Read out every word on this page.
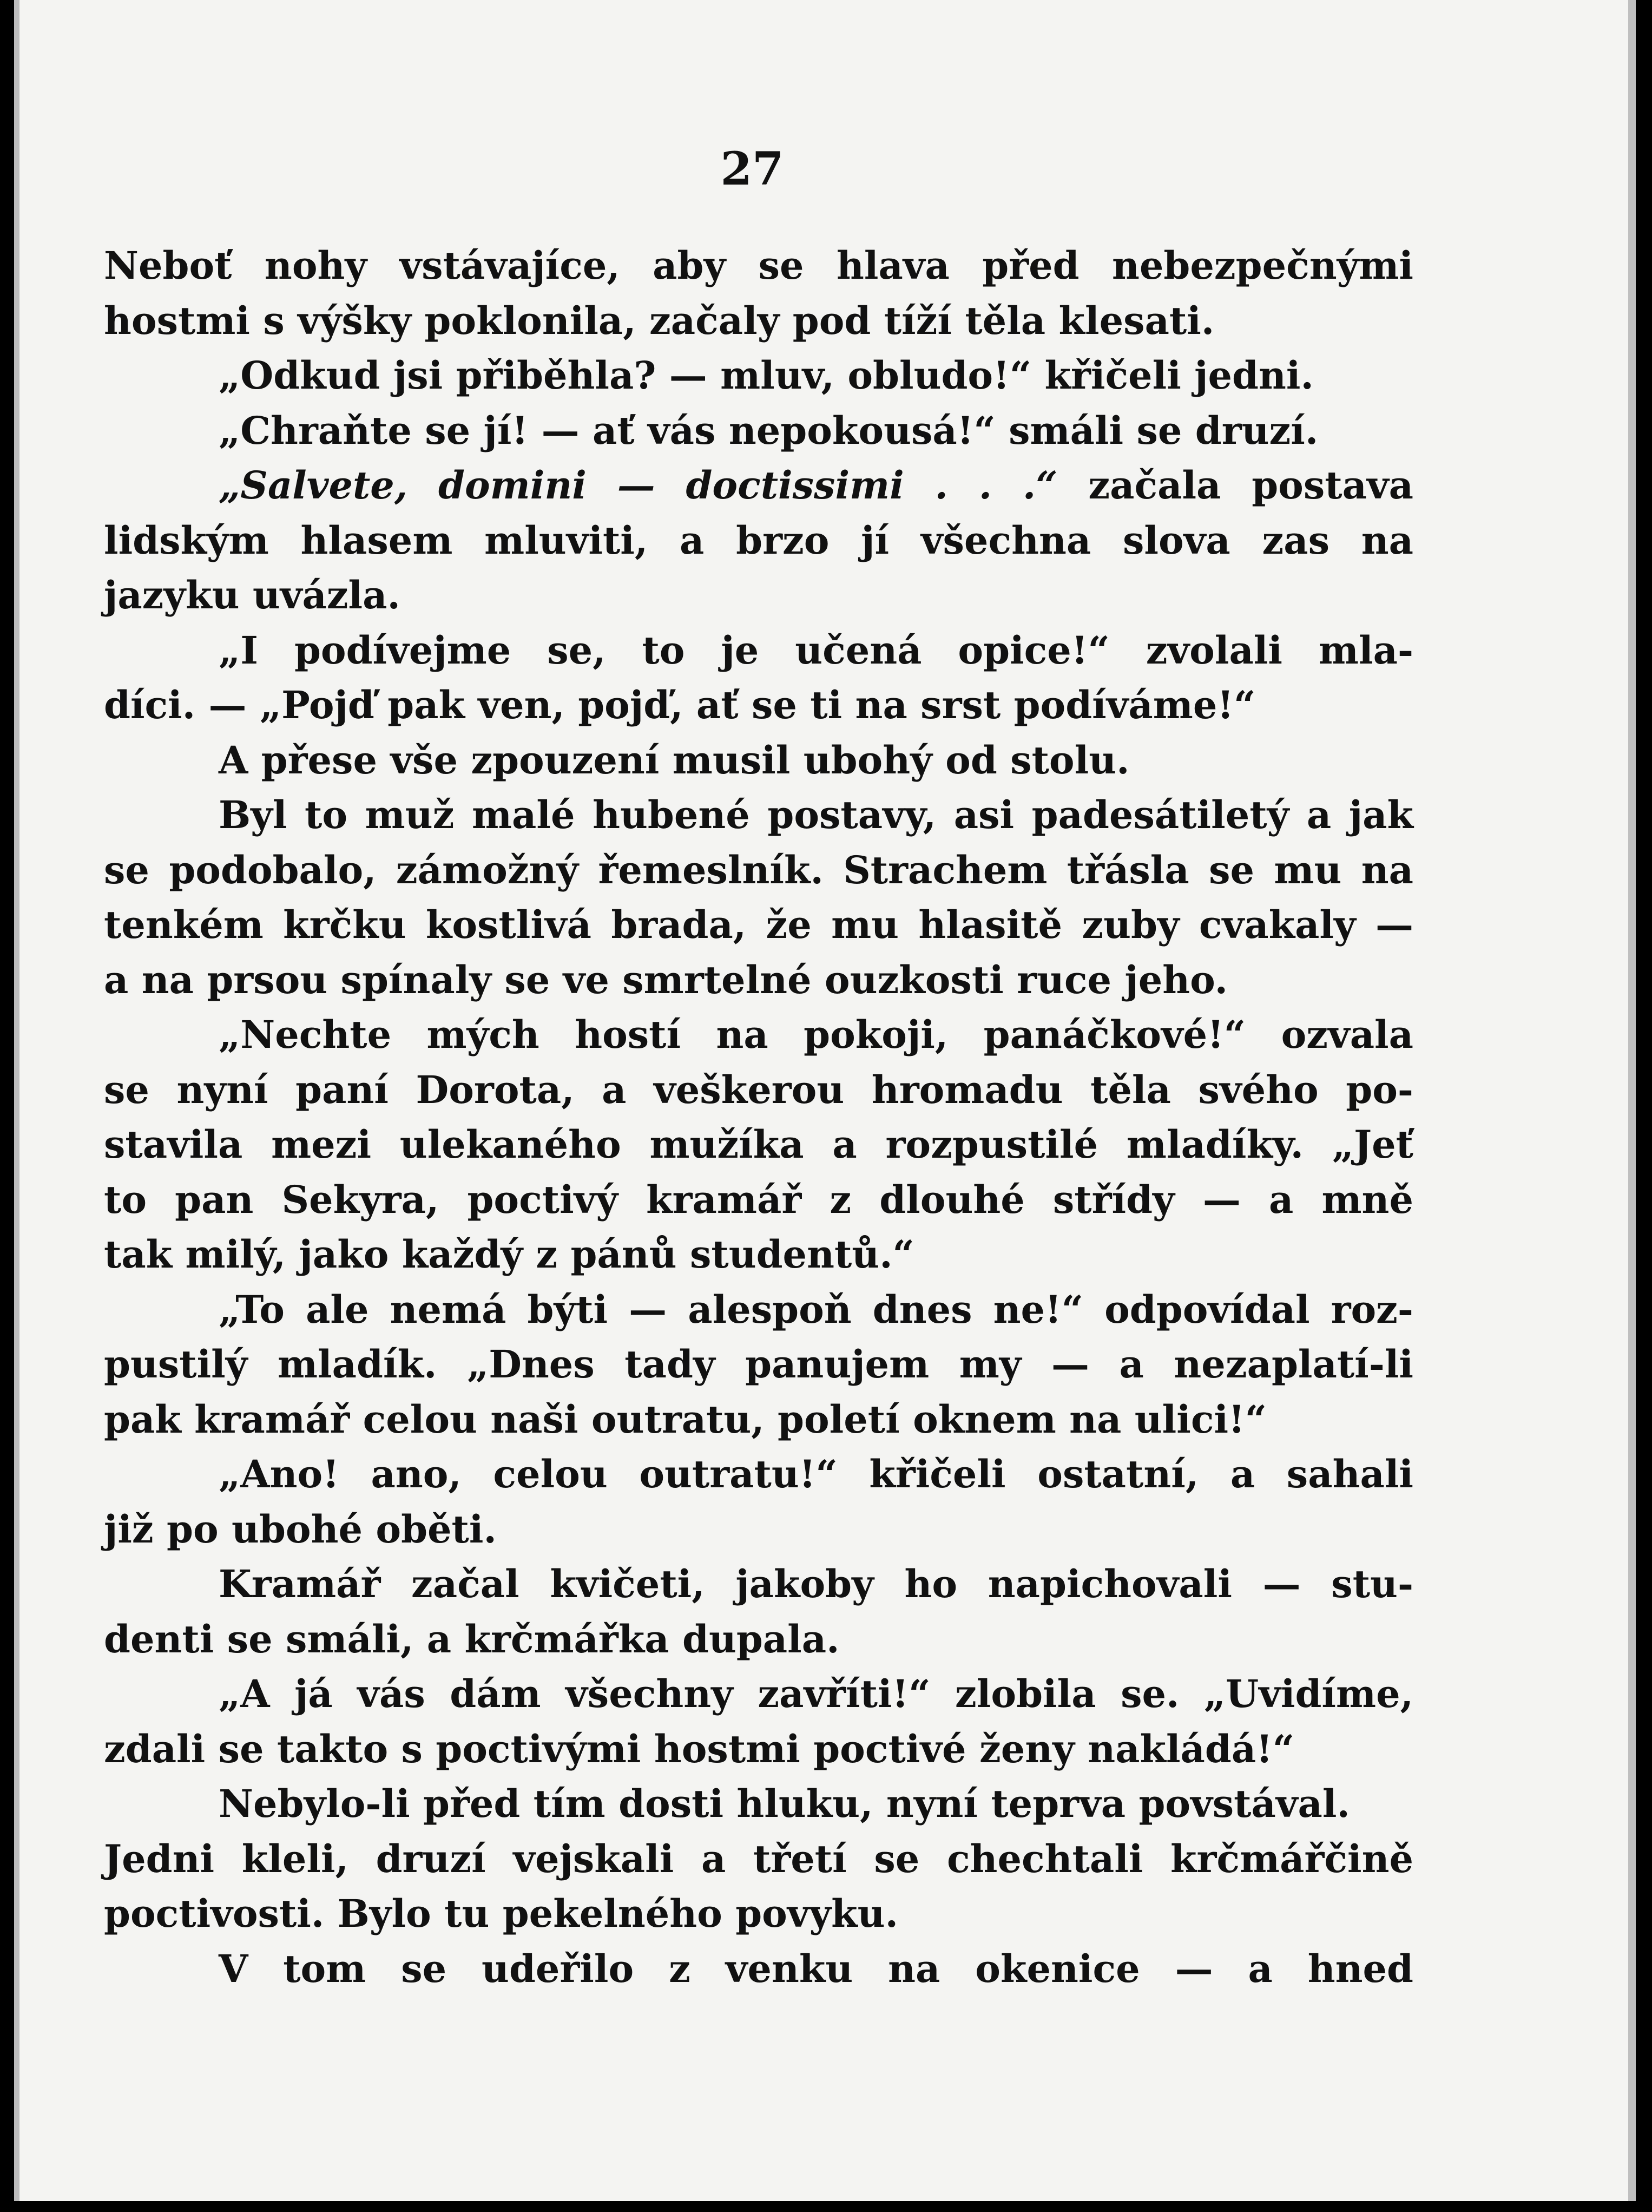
27
Neboť nohy vstávajíce, aby se hlava před nebezpečnými
hostmi s výšky poklonila, začaly pod tíží těla klesati.
„Odkud jsi přiběhla? — mluv, obludo!“ křičeli jedni.
„Chraňte se jí! — ať vás nepokousá!“ smáli se druzí.
„Salvete, domini — doctissimi . . .“ začala postava
lidským hlasem mluviti, a brzo jí všechna slova zas na
jazyku uvázla.
„I podívejme se, to je učená opice!“ zvolali mla-
díci. — „Pojď pak ven, pojď, ať se ti na srst podíváme!“
A přese vše zpouzení musil ubohý od stolu.
Byl to muž malé hubené postavy, asi padesátiletý a jak
se podobalo, zámožný řemeslník. Strachem třásla se mu na
tenkém krčku kostlivá brada, že mu hlasitě zuby cvakaly —
a na prsou spínaly se ve smrtelné ouzkosti ruce jeho.
„Nechte mých hostí na pokoji, panáčkové!“ ozvala
se nyní paní Dorota, a veškerou hromadu těla svého po-
stavila mezi ulekaného mužíka a rozpustilé mladíky. „Jeť
to pan Sekyra, poctivý kramář z dlouhé střídy — a mně
tak milý, jako každý z pánů studentů.“
„To ale nemá býti — alespoň dnes ne!“ odpovídal roz-
pustilý mladík. „Dnes tady panujem my — a nezaplatí-li
pak kramář celou naši outratu, poletí oknem na ulici!“
„Ano! ano, celou outratu!“ křičeli ostatní, a sahali
již po ubohé oběti.
Kramář začal kvičeti, jakoby ho napichovali — stu-
denti se smáli, a krčmářka dupala.
„A já vás dám všechny zavříti!“ zlobila se. „Uvidíme,
zdali se takto s poctivými hostmi poctivé ženy nakládá!“
Nebylo-li před tím dosti hluku, nyní teprva povstával.
Jedni kleli, druzí vejskali a třetí se chechtali krčmářčině
poctivosti. Bylo tu pekelného povyku.
V tom se udeřilo z venku na okenice — a hned
